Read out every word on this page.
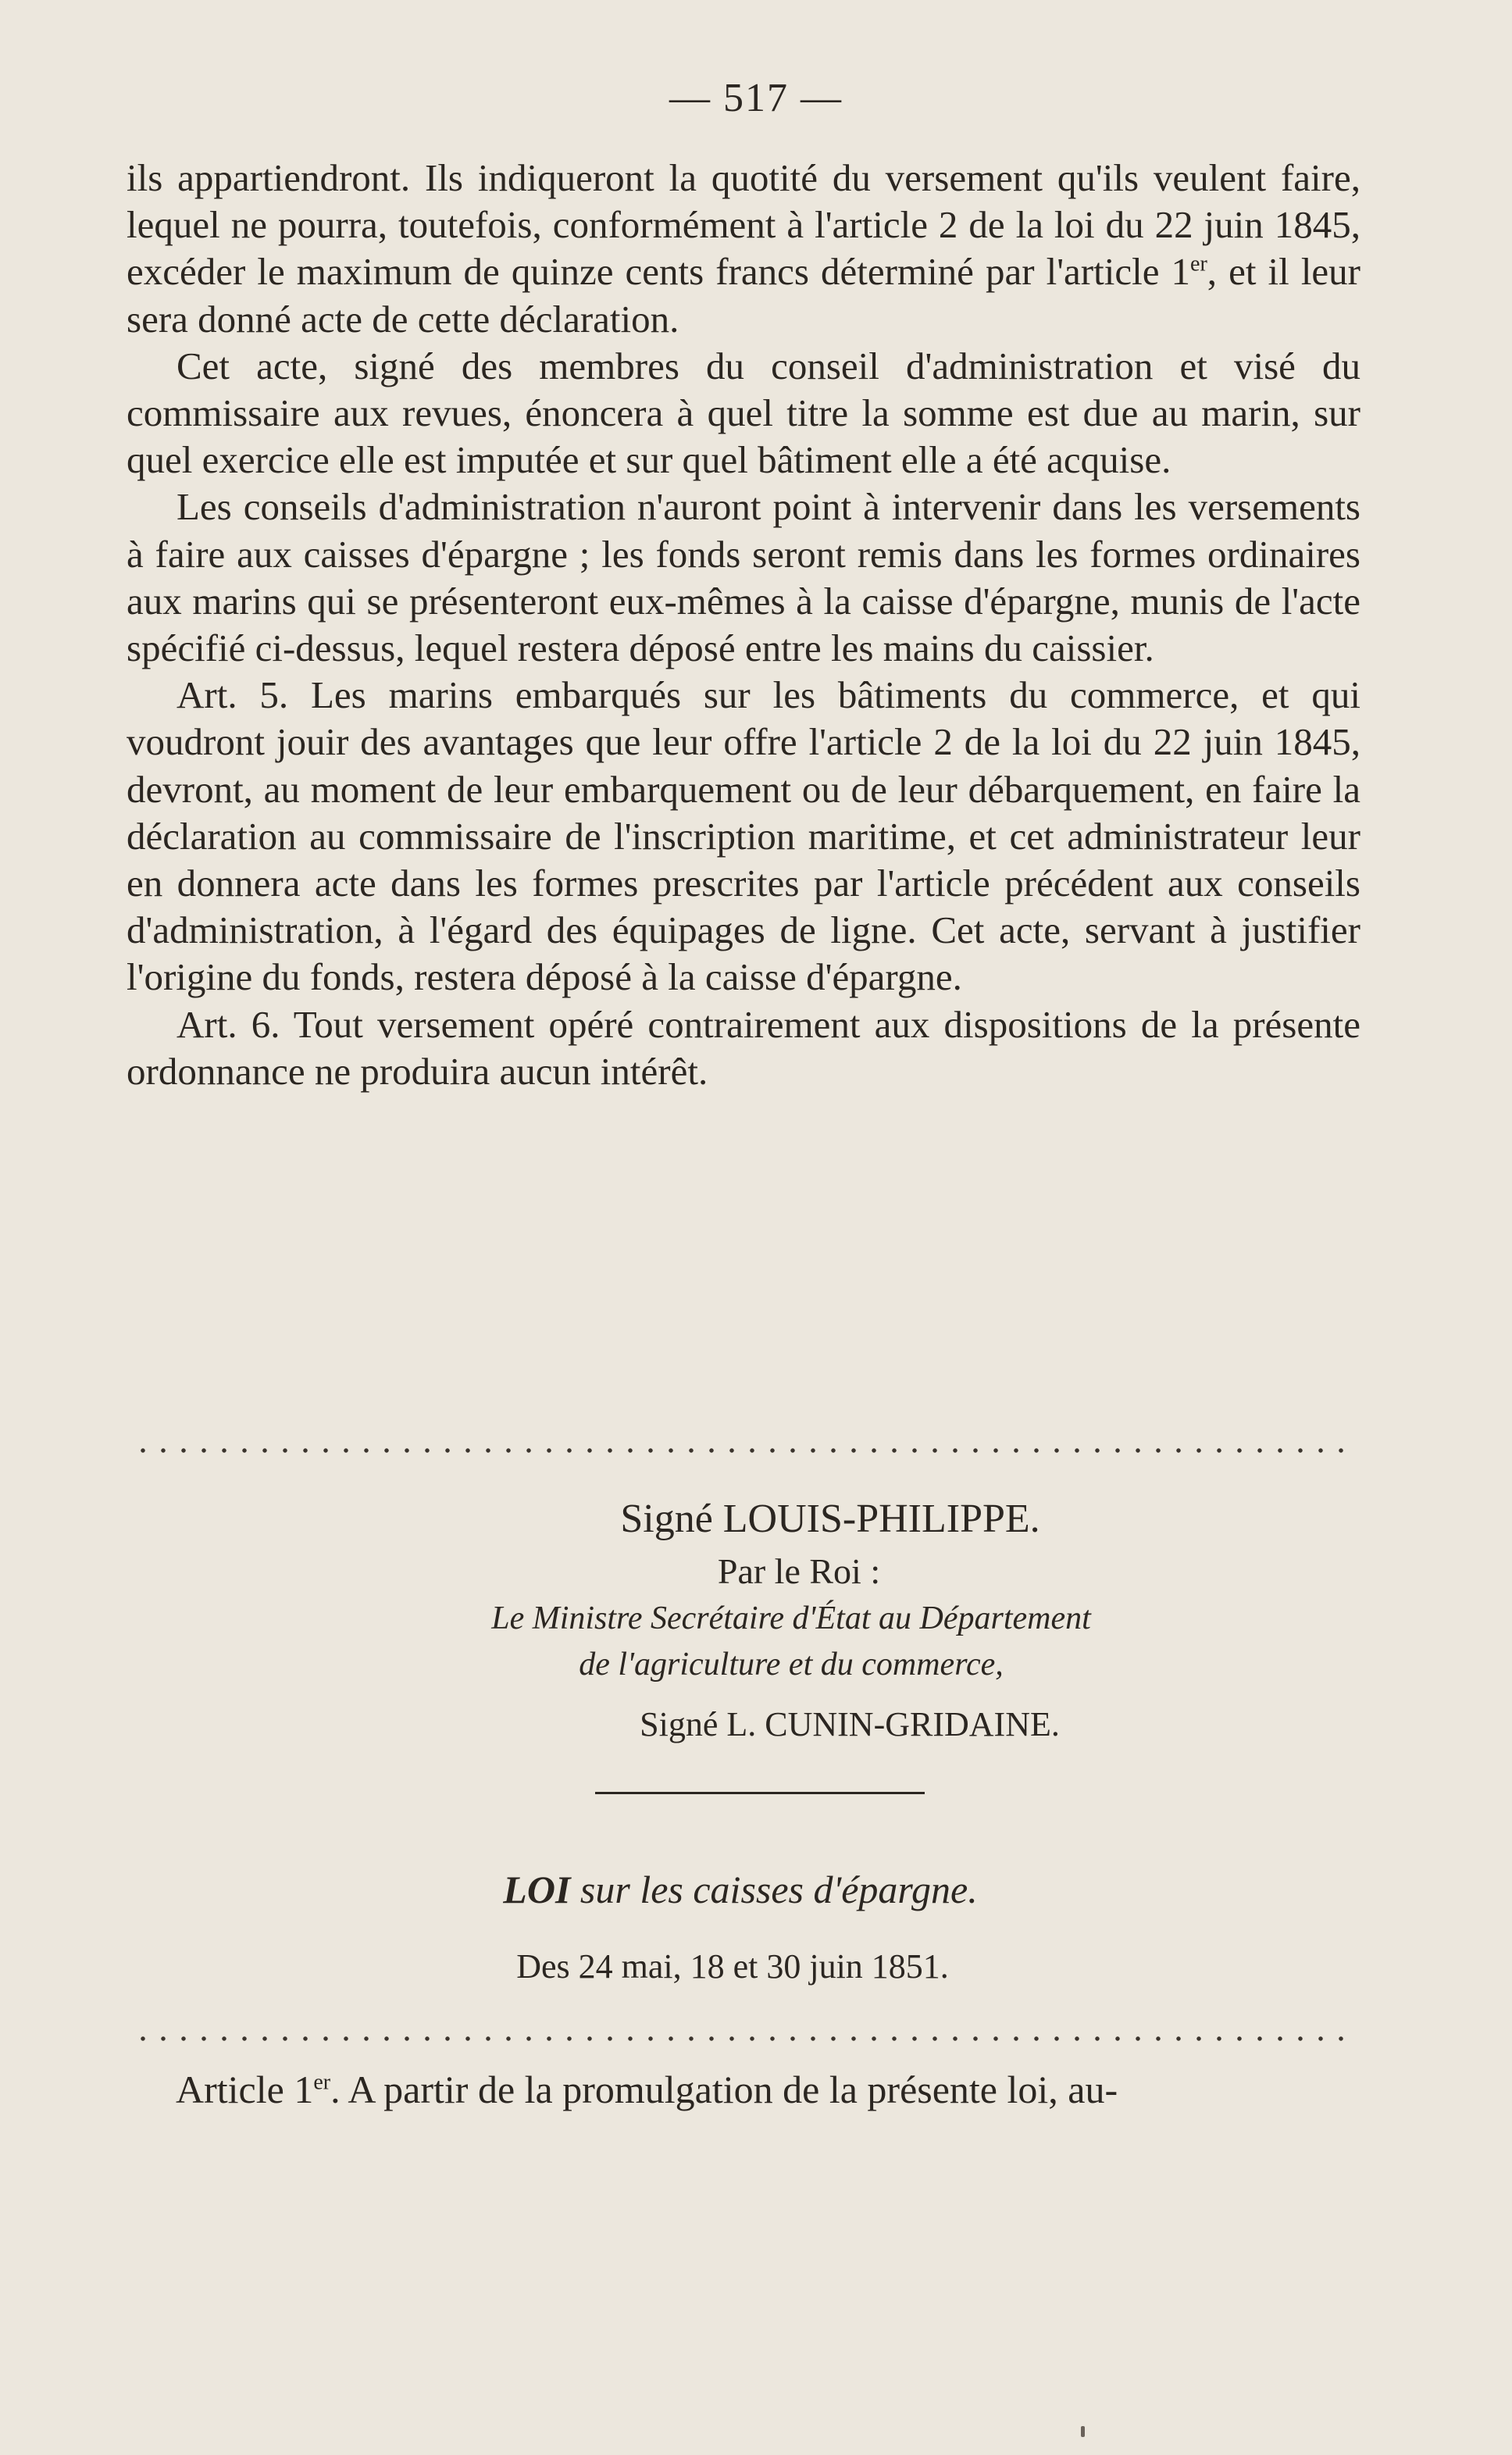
— 517 —

ils appartiendront. Ils indiqueront la quotité du versement qu'ils veulent faire, lequel ne pourra, toutefois, conformément à l'article 2 de la loi du 22 juin 1845, excéder le maximum de quinze cents francs déterminé par l'article 1er, et il leur sera donné acte de cette déclaration.

Cet acte, signé des membres du conseil d'administration et visé du commissaire aux revues, énoncera à quel titre la somme est due au marin, sur quel exercice elle est imputée et sur quel bâtiment elle a été acquise.

Les conseils d'administration n'auront point à intervenir dans les versements à faire aux caisses d'épargne ; les fonds seront remis dans les formes ordinaires aux marins qui se présenteront eux-mêmes à la caisse d'épargne, munis de l'acte spécifié ci-dessus, lequel restera déposé entre les mains du caissier.

Art. 5. Les marins embarqués sur les bâtiments du commerce, et qui voudront jouir des avantages que leur offre l'article 2 de la loi du 22 juin 1845, devront, au moment de leur embarquement ou de leur débarquement, en faire la déclaration au commissaire de l'inscription maritime, et cet administrateur leur en donnera acte dans les formes prescrites par l'article précédent aux conseils d'administration, à l'égard des équipages de ligne. Cet acte, servant à justifier l'origine du fonds, restera déposé à la caisse d'épargne.

Art. 6. Tout versement opéré contrairement aux dispositions de la présente ordonnance ne produira aucun intérêt.

Signé LOUIS-PHILIPPE.
Par le Roi :
Le Ministre Secrétaire d'État au Département
de l'agriculture et du commerce,
Signé L. CUNIN-GRIDAINE.
LOI sur les caisses d'épargne.
Des 24 mai, 18 et 30 juin 1851.
Article 1er. A partir de la promulgation de la présente loi, au-
